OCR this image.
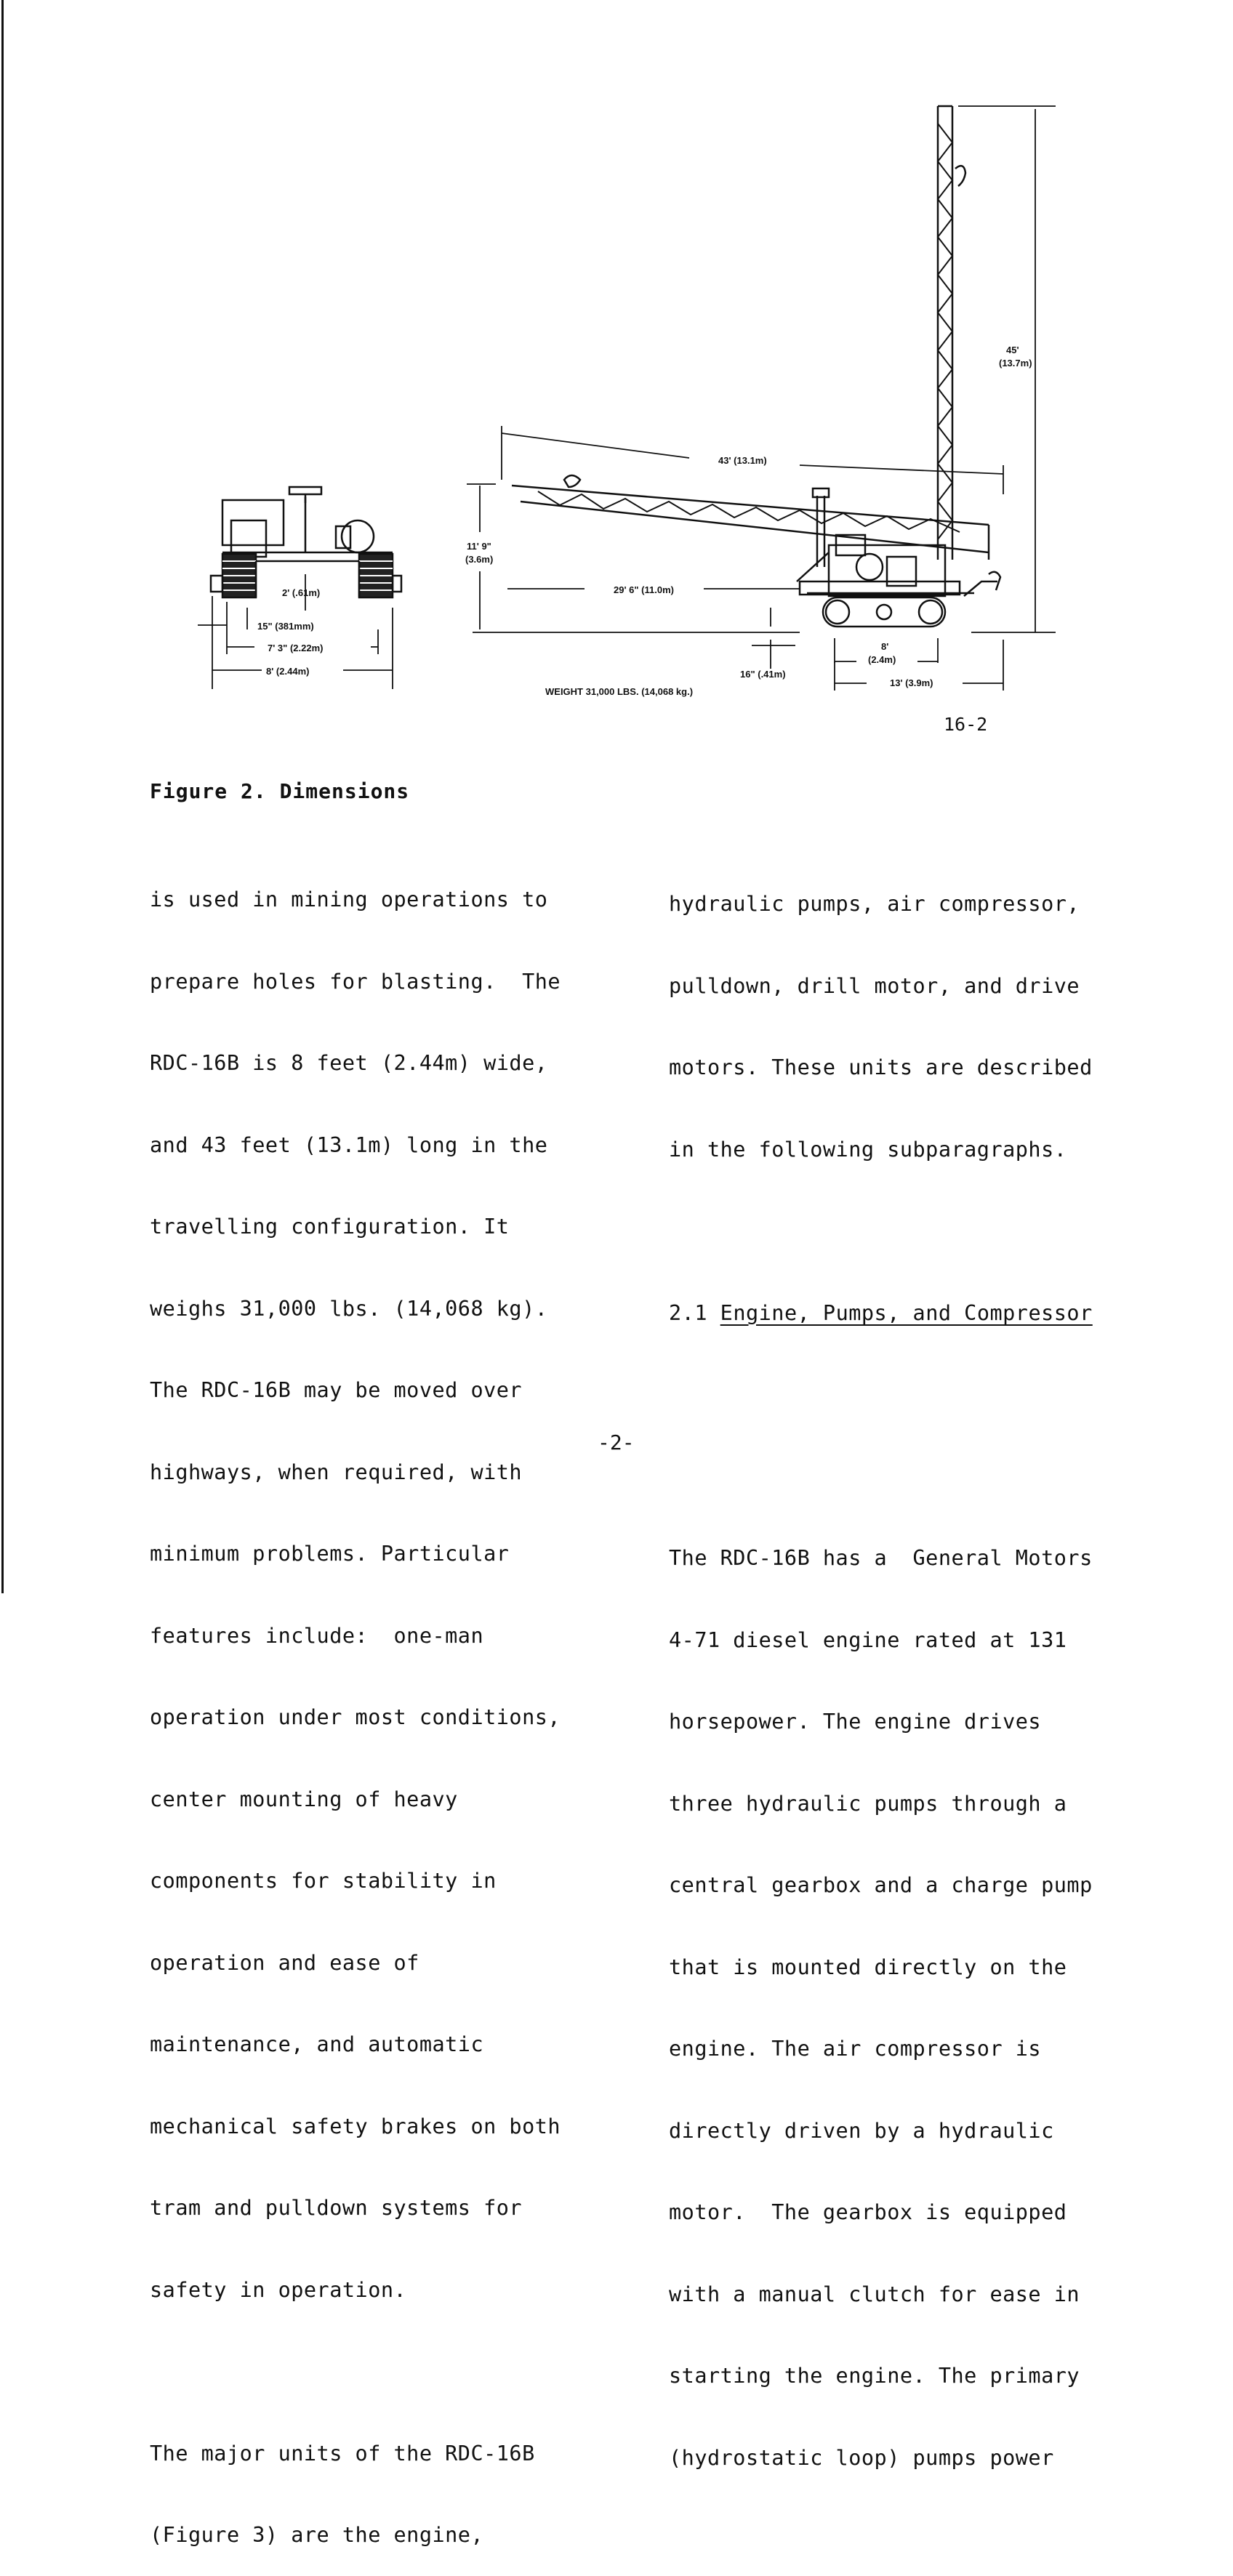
45'
(13.7m)
43' (13.1m)
11' 9"
(3.6m)
29' 6" (11.0m)
16" (.41m)
8'
(2.4m)
13' (3.9m)
WEIGHT 31,000 LBS. (14,068 kg.)
2' (.61m)
15" (381mm)
7' 3" (2.22m)
8' (2.44m)
16-2
Figure 2. Dimensions

is used in mining operations to

prepare holes for blasting.  The

RDC-16B is 8 feet (2.44m) wide,

and 43 feet (13.1m) long in the

travelling configuration. It

weighs 31,000 lbs. (14,068 kg).

The RDC-16B may be moved over

highways, when required, with

minimum problems. Particular

features include:  one-man

operation under most conditions,

center mounting of heavy

components for stability in

operation and ease of

maintenance, and automatic

mechanical safety brakes on both

tram and pulldown systems for

safety in operation.

The major units of the RDC-16B

(Figure 3) are the engine,

hydraulic pumps, air compressor,

pulldown, drill motor, and drive

motors. These units are described

in the following subparagraphs.

2.1 Engine, Pumps, and Compressor

The RDC-16B has a  General Motors

4-71 diesel engine rated at 131

horsepower. The engine drives

three hydraulic pumps through a

central gearbox and a charge pump

that is mounted directly on the

engine. The air compressor is

directly driven by a hydraulic

motor.  The gearbox is equipped

with a manual clutch for ease in

starting the engine. The primary

(hydrostatic loop) pumps power

-2-
